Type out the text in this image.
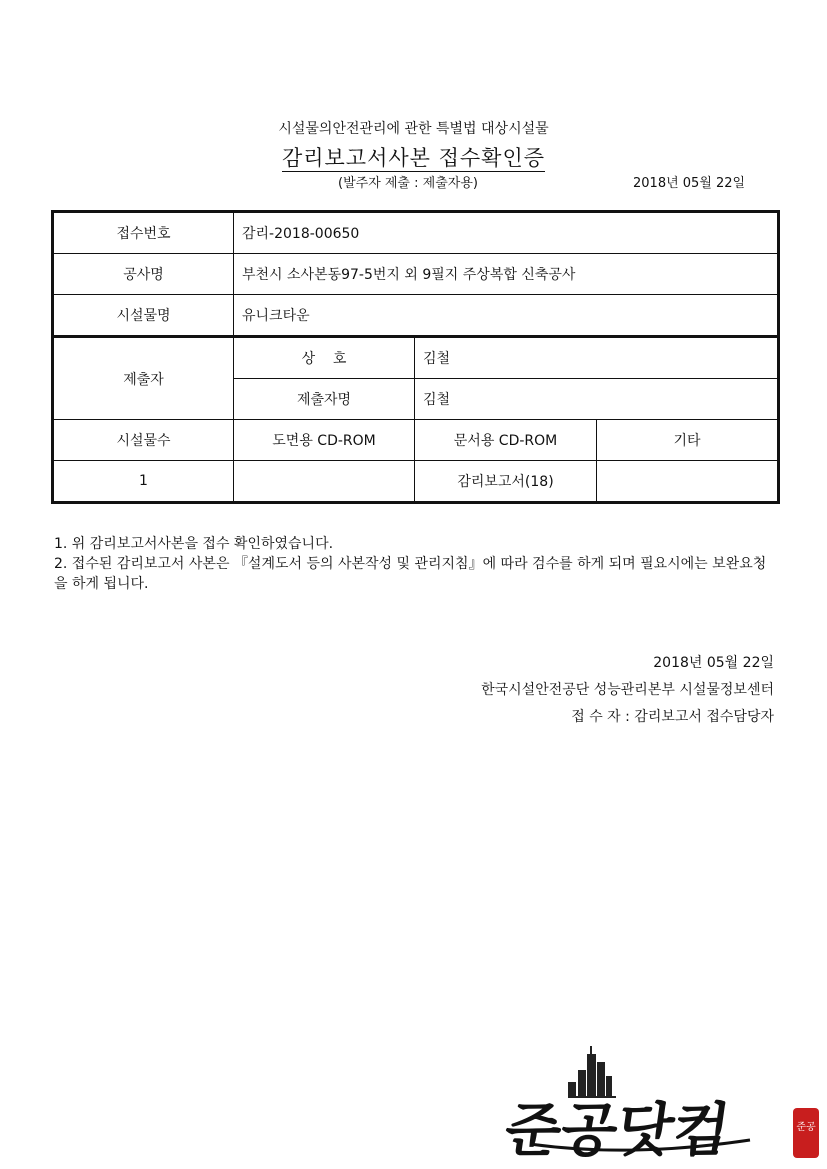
시설물의안전관리에 관한 특별법 대상시설물
감리보고서사본 접수확인증
(발주자 제출 : 제출자용)	2018년 05월 22일
접수번호	감리-2018-00650		
공사명	부천시 소사본동97-5번지 외 9필지 주상복합 신축공사		
시설물명	유니크타운		
제출자	상    호	김철	
	제출자명	김철	
시설물수	도면용 CD-ROM	문서용 CD-ROM	기타
1		감리보고서(18)	

1. 위 감리보고서사본을 접수 확인하였습니다.

2. 접수된 감리보고서 사본은 『설계도서 등의 사본작성 및 관리지침』에 따라 검수를 하게 되며 필요시에는 보완요청을 하게 됩니다.

2018년 05월 22일
한국시설안전공단 성능관리본부 시설물정보센터
접 수 자 : 감리보고서 접수담당자
준공닷컴	준공
